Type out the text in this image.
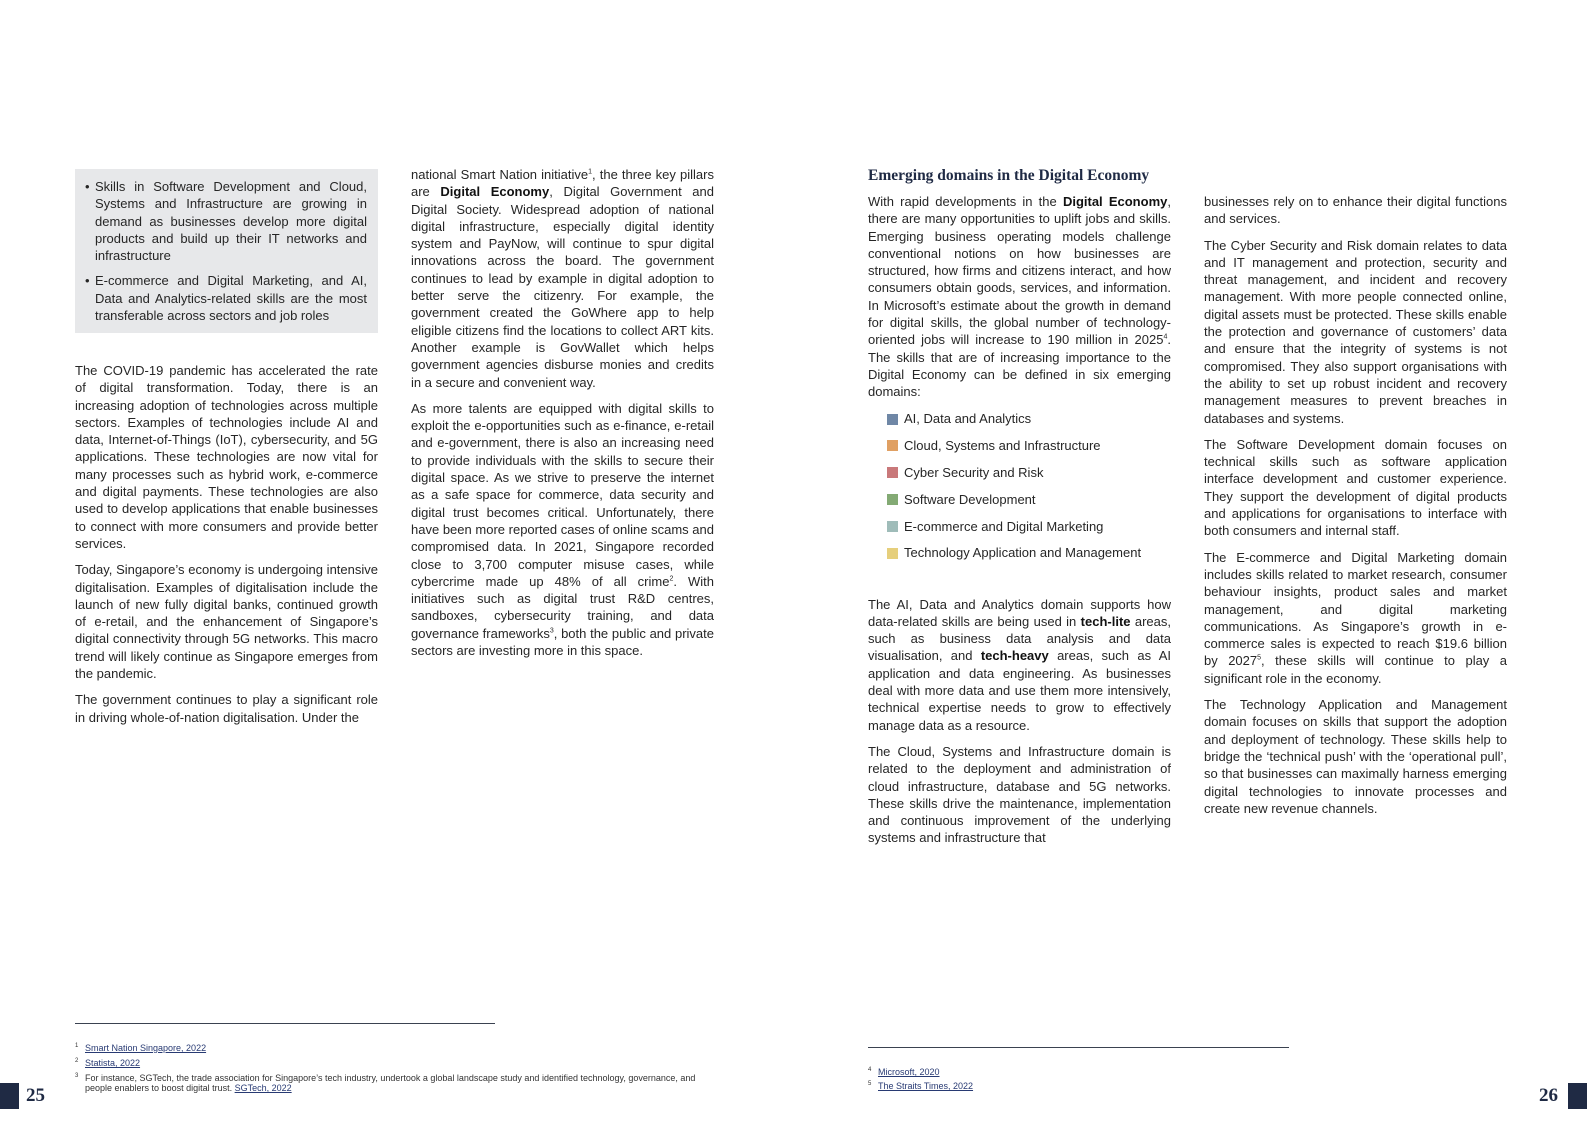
• Skills in Software Development and Cloud, Systems and Infrastructure are growing in demand as businesses develop more digital products and build up their IT networks and infrastructure
• E-commerce and Digital Marketing, and AI, Data and Analytics-related skills are the most transferable across sectors and job roles

The COVID-19 pandemic has accelerated the rate of digital transformation. Today, there is an increasing adoption of technologies across multiple sectors. Examples of technologies include AI and data, Internet-of-Things (IoT), cybersecurity, and 5G applications. These technologies are now vital for many processes such as hybrid work, e-commerce and digital payments. These technologies are also used to develop applications that enable businesses to connect with more consumers and provide better services.

Today, Singapore’s economy is undergoing intensive digitalisation. Examples of digitalisation include the launch of new fully digital banks, continued growth of e-retail, and the enhancement of Singapore’s digital connectivity through 5G networks. This macro trend will likely continue as Singapore emerges from the pandemic.

The government continues to play a significant role in driving whole-of-nation digitalisation. Under the

national Smart Nation initiative$^1$, the three key pillars are Digital Economy, Digital Government and Digital Society. Widespread adoption of national digital infrastructure, especially digital identity system and PayNow, will continue to spur digital innovations across the board. The government continues to lead by example in digital adoption to better serve the citizenry. For example, the government created the GoWhere app to help eligible citizens find the locations to collect ART kits. Another example is GovWallet which helps government agencies disburse monies and credits in a secure and convenient way.

As more talents are equipped with digital skills to exploit the e-opportunities such as e-finance, e-retail and e-government, there is also an increasing need to provide individuals with the skills to secure their digital space. As we strive to preserve the internet as a safe space for commerce, data security and digital trust becomes critical. Unfortunately, there have been more reported cases of online scams and compromised data. In 2021, Singapore recorded close to 3,700 computer misuse cases, while cybercrime made up 48% of all crime$^2$. With initiatives such as digital trust R&D centres, sandboxes, cybersecurity training, and data governance frameworks$^3$, both the public and private sectors are investing more in this space.

Emerging domains in the Digital Economy

With rapid developments in the Digital Economy, there are many opportunities to uplift jobs and skills. Emerging business operating models challenge conventional notions on how businesses are structured, how firms and citizens interact, and how consumers obtain goods, services, and information. In Microsoft’s estimate about the growth in demand for digital skills, the global number of technology-oriented jobs will increase to 190 million in 2025$^4$. The skills that are of increasing importance to the Digital Economy can be defined in six emerging domains:

AI, Data and Analytics
Cloud, Systems and Infrastructure
Cyber Security and Risk
Software Development
E-commerce and Digital Marketing
Technology Application and Management

The AI, Data and Analytics domain supports how data-related skills are being used in tech-lite areas, such as business data analysis and data visualisation, and tech-heavy areas, such as AI application and data engineering. As businesses deal with more data and use them more intensively, technical expertise needs to grow to effectively manage data as a resource.

The Cloud, Systems and Infrastructure domain is related to the deployment and administration of cloud infrastructure, database and 5G networks. These skills drive the maintenance, implementation and continuous improvement of the underlying systems and infrastructure that

businesses rely on to enhance their digital functions and services.

The Cyber Security and Risk domain relates to data and IT management and protection, security and threat management, and incident and recovery management. With more people connected online, digital assets must be protected. These skills enable the protection and governance of customers’ data and ensure that the integrity of systems is not compromised. They also support organisations with the ability to set up robust incident and recovery management measures to prevent breaches in databases and systems.

The Software Development domain focuses on technical skills such as software application interface development and customer experience. They support the development of digital products and applications for organisations to interface with both consumers and internal staff.

The E-commerce and Digital Marketing domain includes skills related to market research, consumer behaviour insights, product sales and market management, and digital marketing communications. As Singapore’s growth in e-commerce sales is expected to reach $19.6 billion by 2027$^5$, these skills will continue to play a significant role in the economy.

The Technology Application and Management domain focuses on skills that support the adoption and deployment of technology. These skills help to bridge the ‘technical push’ with the ‘operational pull’, so that businesses can maximally harness emerging digital technologies to innovate processes and create new revenue channels.

1 Smart Nation Singapore, 2022
2 Statista, 2022
3 For instance, SGTech, the trade association for Singapore’s tech industry, undertook a global landscape study and identified technology, governance, and people enablers to boost digital trust. SGTech, 2022
4 Microsoft, 2020
5 The Straits Times, 2022
25	26
